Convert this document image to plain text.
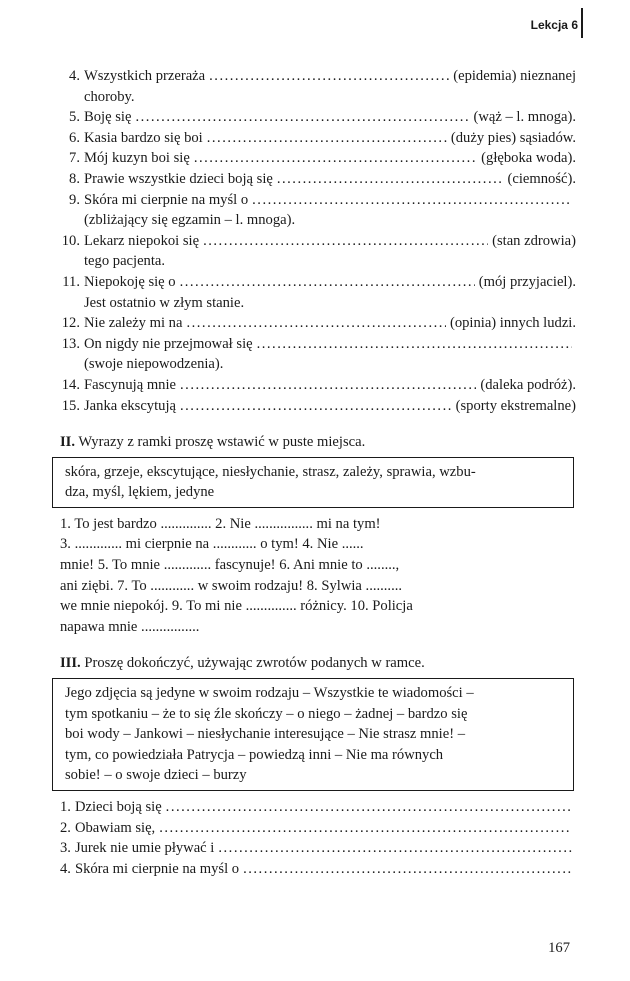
Lekcja 6
4. Wszystkich przeraża .....	(epidemia) nieznanej
choroby.
5. Boję się .....	(wąż – l. mnoga).
6. Kasia bardzo się boi .....	(duży pies) sąsiadów.
7. Mój kuzyn boi się .....	(głęboka woda).
8. Prawie wszystkie dzieci boją się .....	(ciemność).
9. Skóra mi cierpnie na myśl o
.....
(zbliżający się egzamin – l. mnoga).
10. Lekarz niepokoi się .....	(stan zdrowia)
tego pacjenta.
11. Niepokoję się o .....	(mój przyjaciel).
Jest ostatnio w złym stanie.
12. Nie zależy mi na .....	(opinia) innych ludzi.
13. On nigdy nie przejmował się
.....
(swoje niepowodzenia).
14. Fascynują mnie .....	(daleka podróż).
15. Janka ekscytują .....	(sporty ekstremalne)
II. Wyrazy z ramki proszę wstawić w puste miejsca.

skóra, grzeje, ekscytujące, niesłychanie, strasz, zależy, sprawia, wzbu-

dza, myśl, lękiem, jedyne

1. To jest bardzo .............. 2. Nie ................ mi na tym!
3. ............. mi cierpnie na ............ o tym! 4. Nie ......
mnie! 5. To mnie ............. fascynuje! 6. Ani mnie to ........,
ani ziębi. 7. To ............ w swoim rodzaju! 8. Sylwia ..........
we mnie niepokój. 9. To mi nie .............. różnicy. 10. Policja
napawa mnie ................
III. Proszę dokończyć, używając zwrotów podanych w ramce.

Jego zdjęcia są jedyne w swoim rodzaju – Wszystkie te wiadomości –

tym spotkaniu – że to się źle skończy – o niego – żadnej – bardzo się

boi wody – Jankowi – niesłychanie interesujące – Nie strasz mnie! –

tym, co powiedziała Patrycja – powiedzą inni – Nie ma równych

sobie! – o swoje dzieci – burzy

1. Dzieci boją się
.....
2. Obawiam się,
.....
3. Jurek nie umie pływać i
.....
4. Skóra mi cierpnie na myśl o
.....
167
